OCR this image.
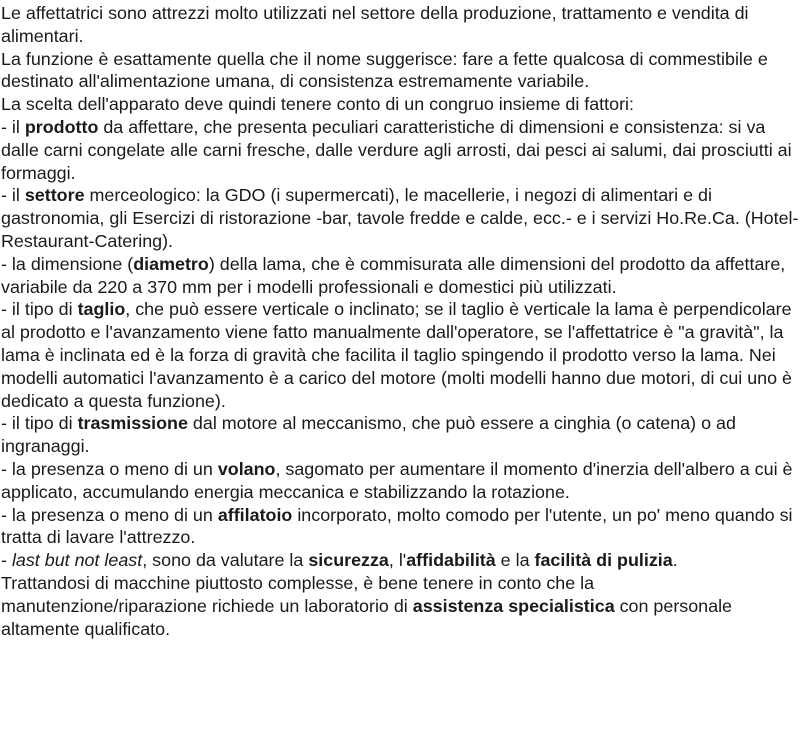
Le affettatrici sono attrezzi molto utilizzati nel settore della produzione, trattamento e vendita di alimentari.

La funzione è esattamente quella che il nome suggerisce: fare a fette qualcosa di commestibile e destinato all'alimentazione umana, di consistenza estremamente variabile.

La scelta dell'apparato deve quindi tenere conto di un congruo insieme di fattori:

- il prodotto da affettare, che presenta peculiari caratteristiche di dimensioni e consistenza: si va dalle carni congelate alle carni fresche, dalle verdure agli arrosti, dai pesci ai salumi, dai prosciutti ai formaggi.

- il settore merceologico: la GDO (i supermercati), le macellerie, i negozi di alimentari e di gastronomia, gli Esercizi di ristorazione -bar, tavole fredde e calde, ecc.- e i servizi Ho.Re.Ca. (Hotel-Restaurant-Catering).

- la dimensione (diametro) della lama, che è commisurata alle dimensioni del prodotto da affettare, variabile da 220 a 370 mm per i modelli professionali e domestici più utilizzati.

- il tipo di taglio, che può essere verticale o inclinato; se il taglio è verticale la lama è perpendicolare al prodotto e l'avanzamento viene fatto manualmente dall'operatore, se l'affettatrice è "a gravità", la lama è inclinata ed è la forza di gravità che facilita il taglio spingendo il prodotto verso la lama. Nei modelli automatici l'avanzamento è a carico del motore (molti modelli hanno due motori, di cui uno è dedicato a questa funzione).

- il tipo di trasmissione dal motore al meccanismo, che può essere a cinghia (o catena) o ad ingranaggi.

- la presenza o meno di un volano, sagomato per aumentare il momento d'inerzia dell'albero a cui è applicato, accumulando energia meccanica e stabilizzando la rotazione.

- la presenza o meno di un affilatoio incorporato, molto comodo per l'utente, un po' meno quando si tratta di lavare l'attrezzo.

- last but not least, sono da valutare la sicurezza, l'affidabilità e la facilità di pulizia.

Trattandosi di macchine piuttosto complesse, è bene tenere in conto che la manutenzione/riparazione richiede un laboratorio di assistenza specialistica con personale altamente qualificato.
